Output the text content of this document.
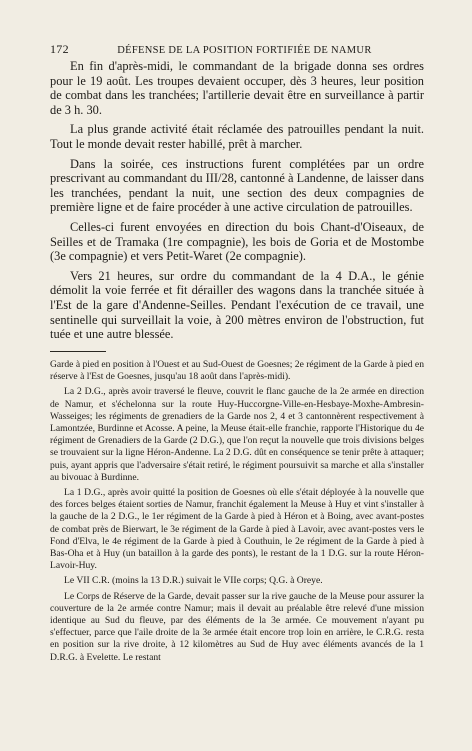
172	DÉFENSE DE LA POSITION FORTIFIÉE DE NAMUR

En fin d'après-midi, le commandant de la brigade donna ses ordres pour le 19 août. Les troupes devaient occuper, dès 3 heures, leur position de combat dans les tranchées; l'artillerie devait être en surveillance à partir de 3 h. 30.

La plus grande activité était réclamée des patrouilles pendant la nuit. Tout le monde devait rester habillé, prêt à marcher.

Dans la soirée, ces instructions furent complétées par un ordre prescrivant au commandant du III/28, cantonné à Landenne, de laisser dans les tranchées, pendant la nuit, une section des deux compagnies de première ligne et de faire procéder à une active circulation de patrouilles.

Celles-ci furent envoyées en direction du bois Chant-d'Oiseaux, de Seilles et de Tramaka (1re compagnie), les bois de Goria et de Mostombe (3e compagnie) et vers Petit-Waret (2e compagnie).

Vers 21 heures, sur ordre du commandant de la 4 D.A., le génie démolit la voie ferrée et fit dérailler des wagons dans la tranchée située à l'Est de la gare d'Andenne-Seilles. Pendant l'exécution de ce travail, une sentinelle qui surveillait la voie, à 200 mètres environ de l'obstruction, fut tuée et une autre blessée.

Garde à pied en position à l'Ouest et au Sud-Ouest de Goesnes; 2e régiment de la Garde à pied en réserve à l'Est de Goesnes, jusqu'au 18 août dans l'après-midi).

La 2 D.G., après avoir traversé le fleuve, couvrit le flanc gauche de la 2e armée en direction de Namur, et s'échelonna sur la route Huy-Huccorgne-Ville-en-Hesbaye-Moxhe-Ambresin-Wasseiges; les régiments de grenadiers de la Garde nos 2, 4 et 3 cantonnèrent respectivement à Lamontzée, Burdinne et Acosse. A peine, la Meuse était-elle franchie, rapporte l'Historique du 4e régiment de Grenadiers de la Garde (2 D.G.), que l'on reçut la nouvelle que trois divisions belges se trouvaient sur la ligne Héron-Andenne. La 2 D.G. dût en conséquence se tenir prête à attaquer; puis, ayant appris que l'adversaire s'était retiré, le régiment poursuivit sa marche et alla s'installer au bivouac à Burdinne.

La 1 D.G., après avoir quitté la position de Goesnes où elle s'était déployée à la nouvelle que des forces belges étaient sorties de Namur, franchit également la Meuse à Huy et vint s'installer à la gauche de la 2 D.G., le 1er régiment de la Garde à pied à Héron et à Boing, avec avant-postes de combat près de Bierwart, le 3e régiment de la Garde à pied à Lavoir, avec avant-postes vers le Fond d'Elva, le 4e régiment de la Garde à pied à Couthuin, le 2e régiment de la Garde à pied à Bas-Oha et à Huy (un bataillon à la garde des ponts), le restant de la 1 D.G. sur la route Héron-Lavoir-Huy.

Le VII C.R. (moins la 13 D.R.) suivait le VIIe corps; Q.G. à Oreye.

Le Corps de Réserve de la Garde, devait passer sur la rive gauche de la Meuse pour assurer la couverture de la 2e armée contre Namur; mais il devait au préalable être relevé d'une mission identique au Sud du fleuve, par des éléments de la 3e armée. Ce mouvement n'ayant pu s'effectuer, parce que l'aile droite de la 3e armée était encore trop loin en arrière, le C.R.G. resta en position sur la rive droite, à 12 kilomètres au Sud de Huy avec éléments avancés de la 1 D.R.G. à Evelette. Le restant
